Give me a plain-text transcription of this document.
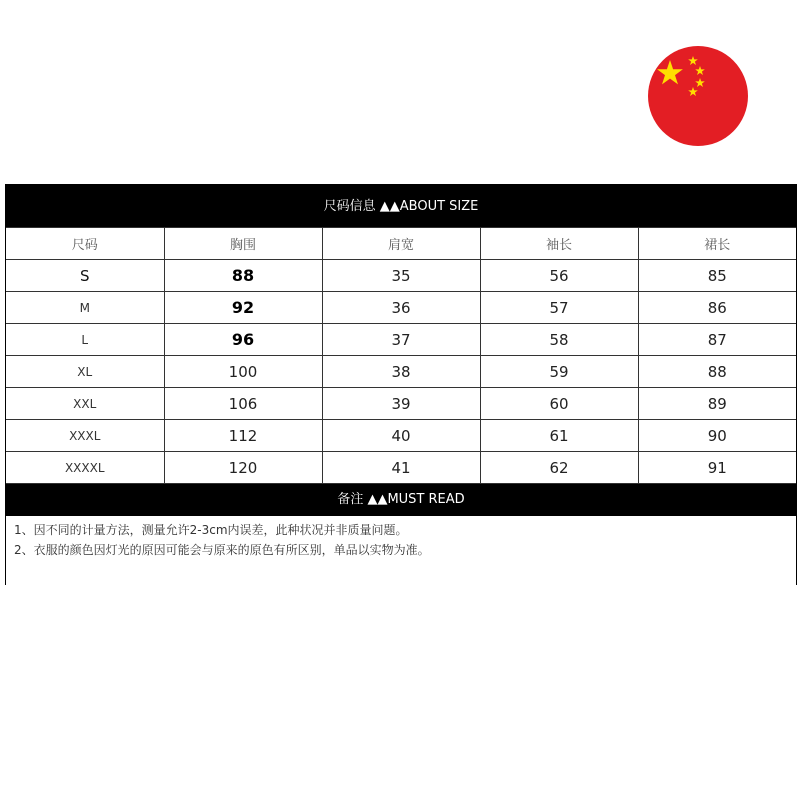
尺码信息 ▲▲ABOUT SIZE
尺码	胸围	肩宽	袖长	裙长
S	88	35	56	85
M	92	36	57	86
L	96	37	58	87
XL	100	38	59	88
XXL	106	39	60	89
XXXL	112	40	61	90
XXXXL	120	41	62	91
备注 ▲▲MUST READ
1、因不同的计量方法，测量允许2-3cm内误差，此种状况并非质量问题。
2、衣服的颜色因灯光的原因可能会与原来的原色有所区别，单品以实物为准。
